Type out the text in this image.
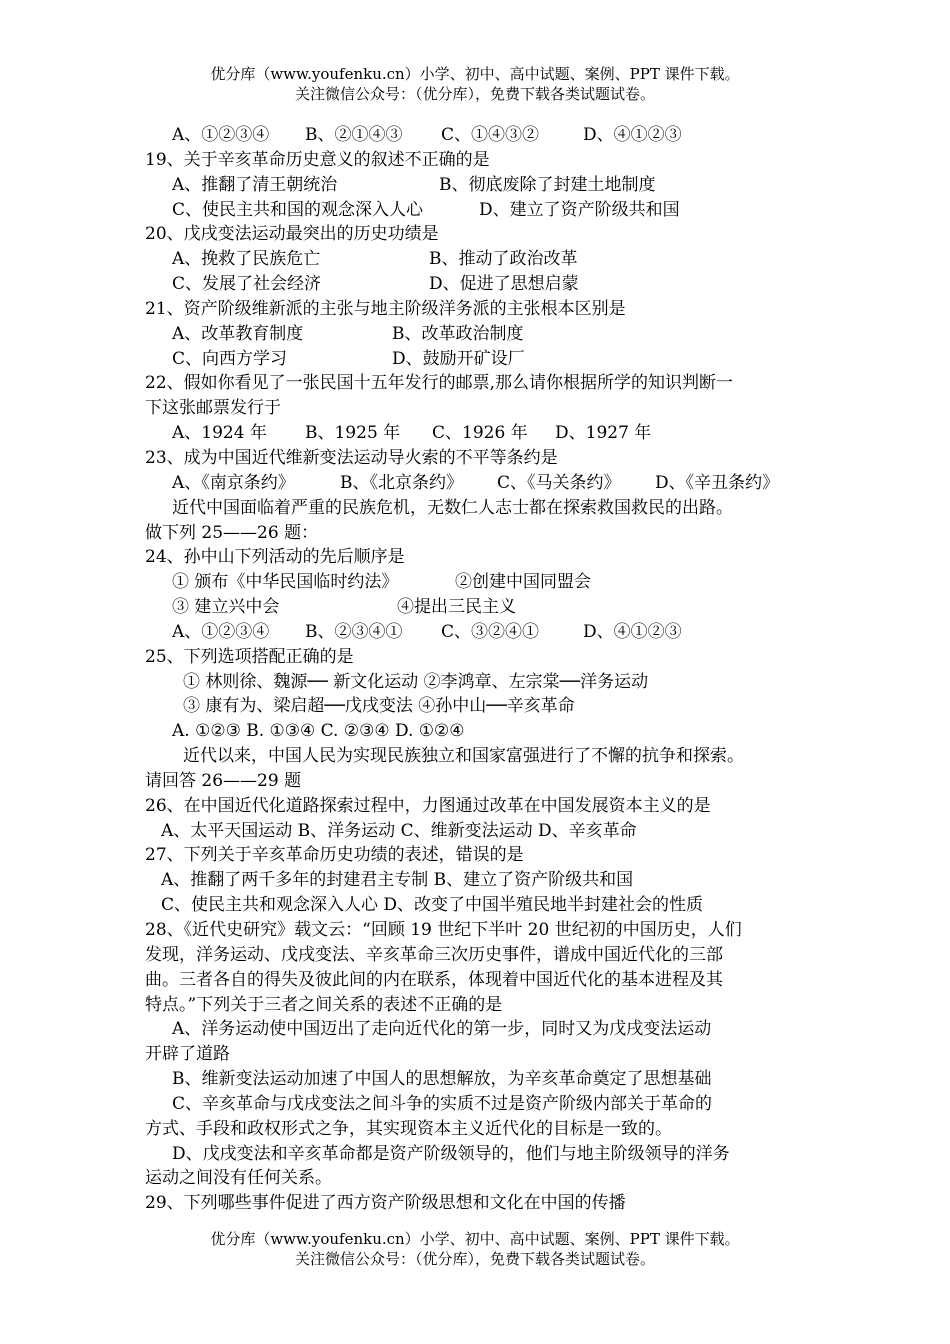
优分库（www.youfenku.cn）小学、初中、高中试题、案例、PPT 课件下载。
关注微信公众号：（优分库），免费下载各类试题试卷。
A、①②③④ B、②①④③ C、①④③②	D、④①②③
19、关于辛亥革命历史意义的叙述不正确的是
A、推翻了清王朝统治	B、彻底废除了封建土地制度
C、使民主共和国的观念深入人心	D、建立了资产阶级共和国
20、戊戌变法运动最突出的历史功绩是
A、挽救了民族危亡	B、推动了政治改革
C、发展了社会经济	D、促进了思想启蒙
21、资产阶级维新派的主张与地主阶级洋务派的主张根本区别是
A、改革教育制度	B、改革政治制度
C、向西方学习	D、鼓励开矿设厂
22、假如你看见了一张民国十五年发行的邮票,那么请你根据所学的知识判断一
下这张邮票发行于
A、1924 年 B、1925 年 C、1926 年 D、1927 年
23、成为中国近代维新变法运动导火索的不平等条约是
A、《南京条约》	B、《北京条约》 C、《马关条约》 D、《辛丑条约》
近代中国面临着严重的民族危机，无数仁人志士都在探索救国救民的出路。
做下列 25——26 题：
24、孙中山下列活动的先后顺序是
① 颁布《中华民国临时约法》	②创建中国同盟会
③ 建立兴中会	④提出三民主义
A、①②③④ B、②③④① C、③②④①	D、④①②③
25、下列选项搭配正确的是
① 林则徐、魏源── 新文化运动 ②李鸿章、左宗棠──洋务运动
③ 康有为、梁启超──戊戌变法 ④孙中山──辛亥革命
A. ①②③ B. ①③④ C. ②③④ D. ①②④
近代以来，中国人民为实现民族独立和国家富强进行了不懈的抗争和探索。
请回答 26——29 题
26、在中国近代化道路探索过程中，力图通过改革在中国发展资本主义的是
A、太平天国运动 B、洋务运动 C、维新变法运动 D、辛亥革命
27、下列关于辛亥革命历史功绩的表述，错误的是
A、推翻了两千多年的封建君主专制 B、建立了资产阶级共和国
C、使民主共和观念深入人心 D、改变了中国半殖民地半封建社会的性质
28、《近代史研究》载文云：“回顾 19 世纪下半叶 20 世纪初的中国历史，人们
发现，洋务运动、戊戌变法、辛亥革命三次历史事件，谱成中国近代化的三部
曲。三者各自的得失及彼此间的内在联系，体现着中国近代化的基本进程及其
特点。”下列关于三者之间关系的表述不正确的是
A、洋务运动使中国迈出了走向近代化的第一步，同时又为戊戌变法运动
开辟了道路
B、维新变法运动加速了中国人的思想解放，为辛亥革命奠定了思想基础
C、辛亥革命与戊戌变法之间斗争的实质不过是资产阶级内部关于革命的
方式、手段和政权形式之争，其实现资本主义近代化的目标是一致的。
D、戊戌变法和辛亥革命都是资产阶级领导的，他们与地主阶级领导的洋务
运动之间没有任何关系。
29、下列哪些事件促进了西方资产阶级思想和文化在中国的传播
优分库（www.youfenku.cn）小学、初中、高中试题、案例、PPT 课件下载。
关注微信公众号：（优分库），免费下载各类试题试卷。
